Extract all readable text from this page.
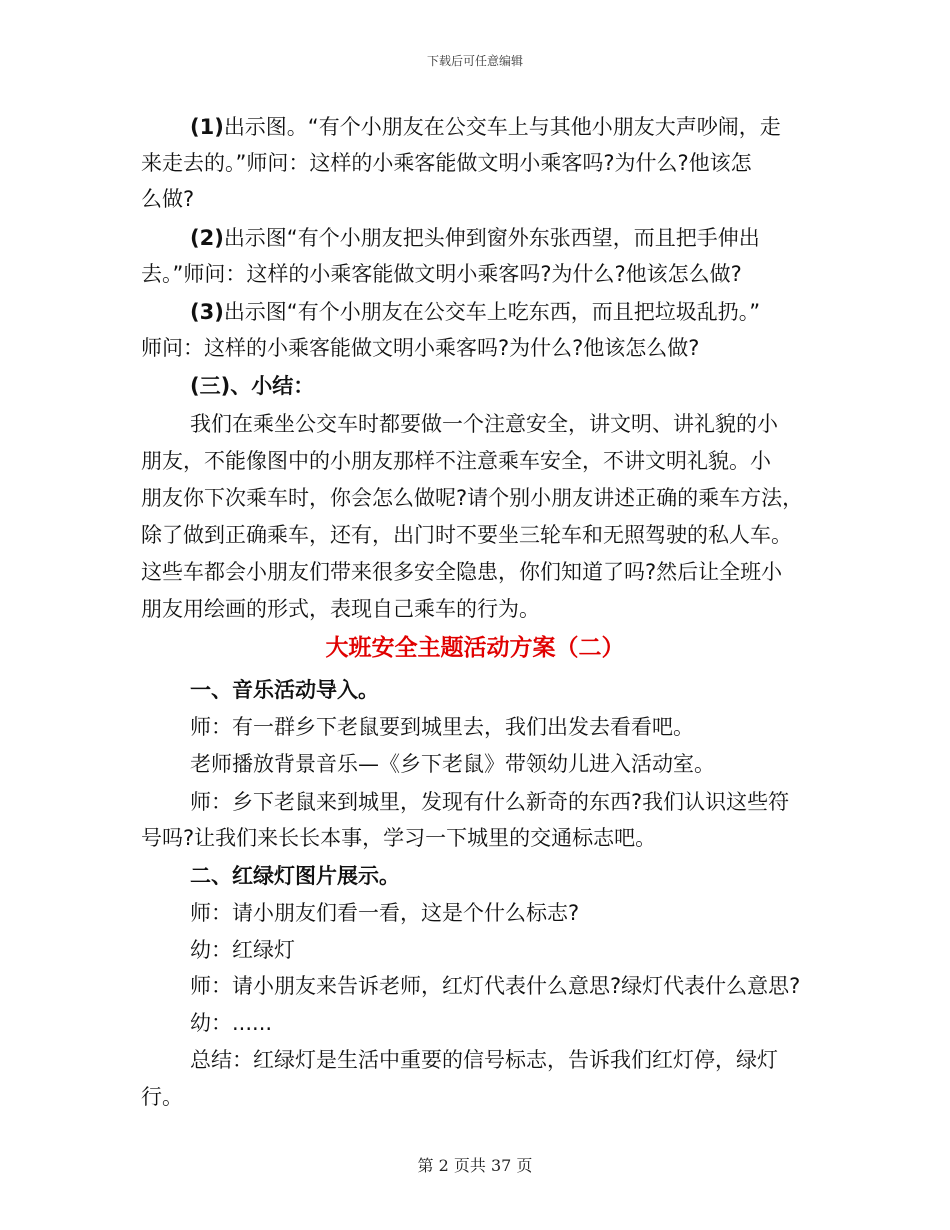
下载后可任意编辑
(1)出示图。“有个小朋友在公交车上与其他小朋友大声吵闹，走
来走去的。”师问：这样的小乘客能做文明小乘客吗?为什么?他该怎
么做?
(2)出示图“有个小朋友把头伸到窗外东张西望，而且把手伸出
去。”师问：这样的小乘客能做文明小乘客吗?为什么?他该怎么做?
(3)出示图“有个小朋友在公交车上吃东西，而且把垃圾乱扔。”
师问：这样的小乘客能做文明小乘客吗?为什么?他该怎么做?
(三)、小结：
我们在乘坐公交车时都要做一个注意安全，讲文明、讲礼貌的小
朋友，不能像图中的小朋友那样不注意乘车安全，不讲文明礼貌。小
朋友你下次乘车时，你会怎么做呢?请个别小朋友讲述正确的乘车方法，
除了做到正确乘车，还有，出门时不要坐三轮车和无照驾驶的私人车。
这些车都会小朋友们带来很多安全隐患，你们知道了吗?然后让全班小
朋友用绘画的形式，表现自己乘车的行为。
大班安全主题活动方案（二）
一、音乐活动导入。
师：有一群乡下老鼠要到城里去，我们出发去看看吧。
老师播放背景音乐—《乡下老鼠》带领幼儿进入活动室。
师：乡下老鼠来到城里，发现有什么新奇的东西?我们认识这些符
号吗?让我们来长长本事，学习一下城里的交通标志吧。
二、红绿灯图片展示。
师：请小朋友们看一看，这是个什么标志?
幼：红绿灯
师：请小朋友来告诉老师，红灯代表什么意思?绿灯代表什么意思?
幼：......
总结：红绿灯是生活中重要的信号标志，告诉我们红灯停，绿灯
行。
第 2 页共 37 页
